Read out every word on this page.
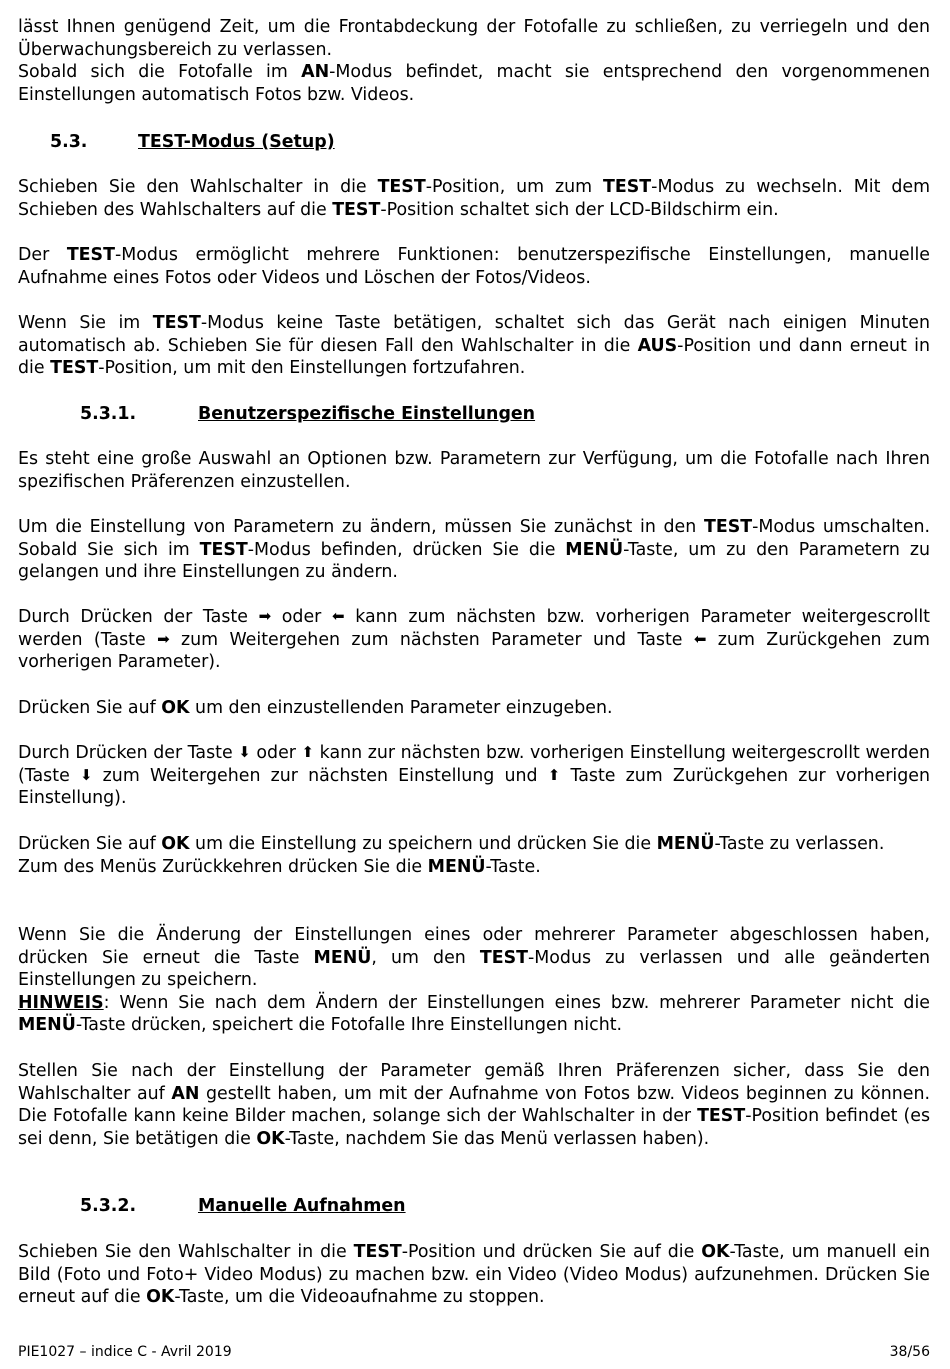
lässt Ihnen genügend Zeit, um die Frontabdeckung der Fotofalle zu schließen, zu verriegeln und den Überwachungsbereich zu verlassen.
Sobald sich die Fotofalle im AN-Modus befindet, macht sie entsprechend den vorgenommenen Einstellungen automatisch Fotos bzw. Videos.

5.3.	TEST-Modus (Setup)

Schieben Sie den Wahlschalter in die TEST-Position, um zum TEST-Modus zu wechseln. Mit dem Schieben des Wahlschalters auf die TEST-Position schaltet sich der LCD-Bildschirm ein.

Der TEST-Modus ermöglicht mehrere Funktionen: benutzerspezifische Einstellungen, manuelle Aufnahme eines Fotos oder Videos und Löschen der Fotos/Videos.

Wenn Sie im TEST-Modus keine Taste betätigen, schaltet sich das Gerät nach einigen Minuten automatisch ab. Schieben Sie für diesen Fall den Wahlschalter in die AUS-Position und dann erneut in die TEST-Position, um mit den Einstellungen fortzufahren.

5.3.1.	Benutzerspezifische Einstellungen

Es steht eine große Auswahl an Optionen bzw. Parametern zur Verfügung, um die Fotofalle nach Ihren spezifischen Präferenzen einzustellen.

Um die Einstellung von Parametern zu ändern, müssen Sie zunächst in den TEST-Modus umschalten. Sobald Sie sich im TEST-Modus befinden, drücken Sie die MENÜ-Taste, um zu den Parametern zu gelangen und ihre Einstellungen zu ändern.

Durch Drücken der Taste ➡ oder ⬅ kann zum nächsten bzw. vorherigen Parameter weitergescrollt werden (Taste ➡ zum Weitergehen zum nächsten Parameter und Taste ⬅ zum Zurückgehen zum vorherigen Parameter).

Drücken Sie auf OK um den einzustellenden Parameter einzugeben.

Durch Drücken der Taste ⬇ oder ⬆ kann zur nächsten bzw. vorherigen Einstellung weitergescrollt werden (Taste ⬇ zum Weitergehen zur nächsten Einstellung und ⬆ Taste zum Zurückgehen zur vorherigen Einstellung).

Drücken Sie auf OK um die Einstellung zu speichern und drücken Sie die MENÜ-Taste zu verlassen.
Zum des Menüs Zurückkehren drücken Sie die MENÜ-Taste.

Wenn Sie die Änderung der Einstellungen eines oder mehrerer Parameter abgeschlossen haben, drücken Sie erneut die Taste MENÜ, um den TEST-Modus zu verlassen und alle geänderten Einstellungen zu speichern.
HINWEIS: Wenn Sie nach dem Ändern der Einstellungen eines bzw. mehrerer Parameter nicht die MENÜ-Taste drücken, speichert die Fotofalle Ihre Einstellungen nicht.

Stellen Sie nach der Einstellung der Parameter gemäß Ihren Präferenzen sicher, dass Sie den Wahlschalter auf AN gestellt haben, um mit der Aufnahme von Fotos bzw. Videos beginnen zu können. Die Fotofalle kann keine Bilder machen, solange sich der Wahlschalter in der TEST-Position befindet (es sei denn, Sie betätigen die OK-Taste, nachdem Sie das Menü verlassen haben).

5.3.2.	Manuelle Aufnahmen

Schieben Sie den Wahlschalter in die TEST-Position und drücken Sie auf die OK-Taste, um manuell ein Bild (Foto und Foto+ Video Modus) zu machen bzw. ein Video (Video Modus) aufzunehmen. Drücken Sie erneut auf die OK-Taste, um die Videoaufnahme zu stoppen.

PIE1027 – indice C - Avril 2019	38/56
